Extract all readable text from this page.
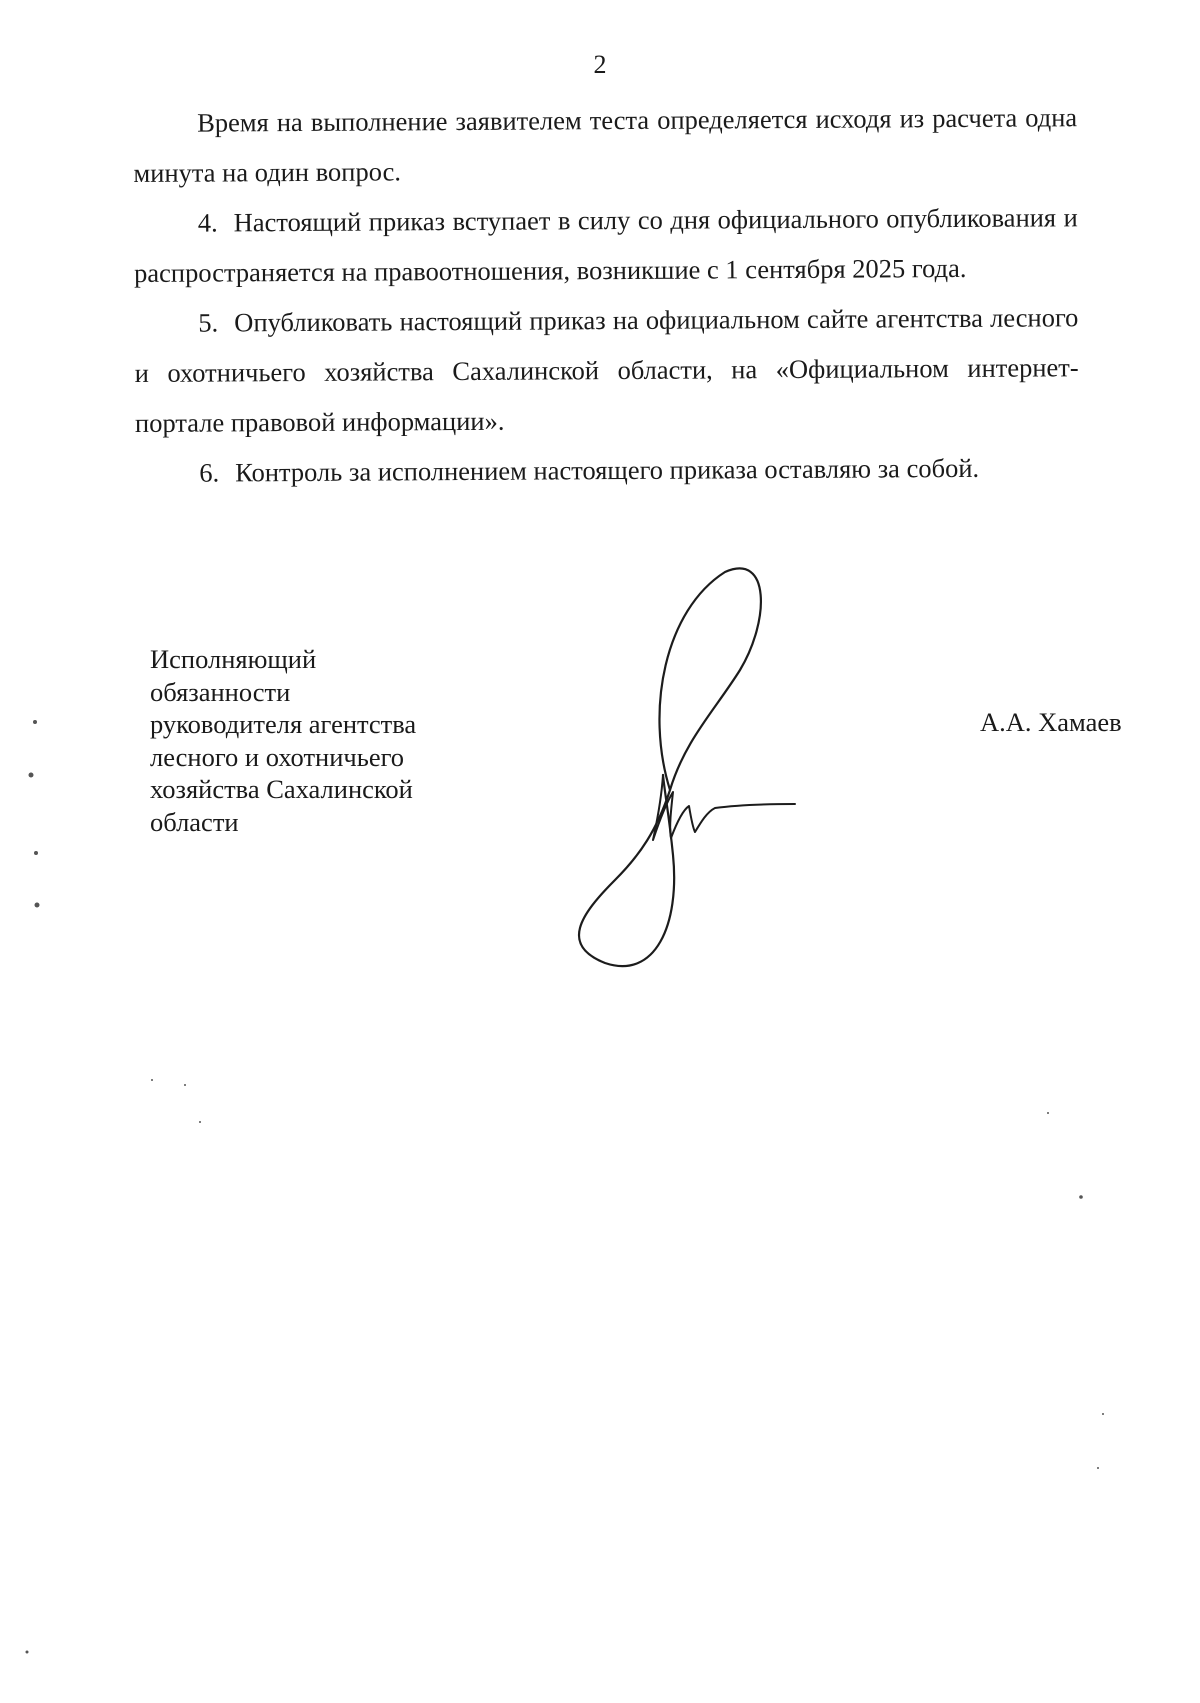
2

Время на выполнение заявителем теста определяется исходя из расчета одна минута на один вопрос.

4. Настоящий приказ вступает в силу со дня официального опубликования и распространяется на правоотношения, возникшие с 1 сентября 2025 года.

5. Опубликовать настоящий приказ на официальном сайте агентства лесного и охотничьего хозяйства Сахалинской области, на «Официальном интернет-портале правовой информации».

6. Контроль за исполнением настоящего приказа оставляю за собой.

Исполняющий
обязанности
руководителя агентства
лесного и охотничьего
хозяйства Сахалинской
области
А.А. Хамаев
